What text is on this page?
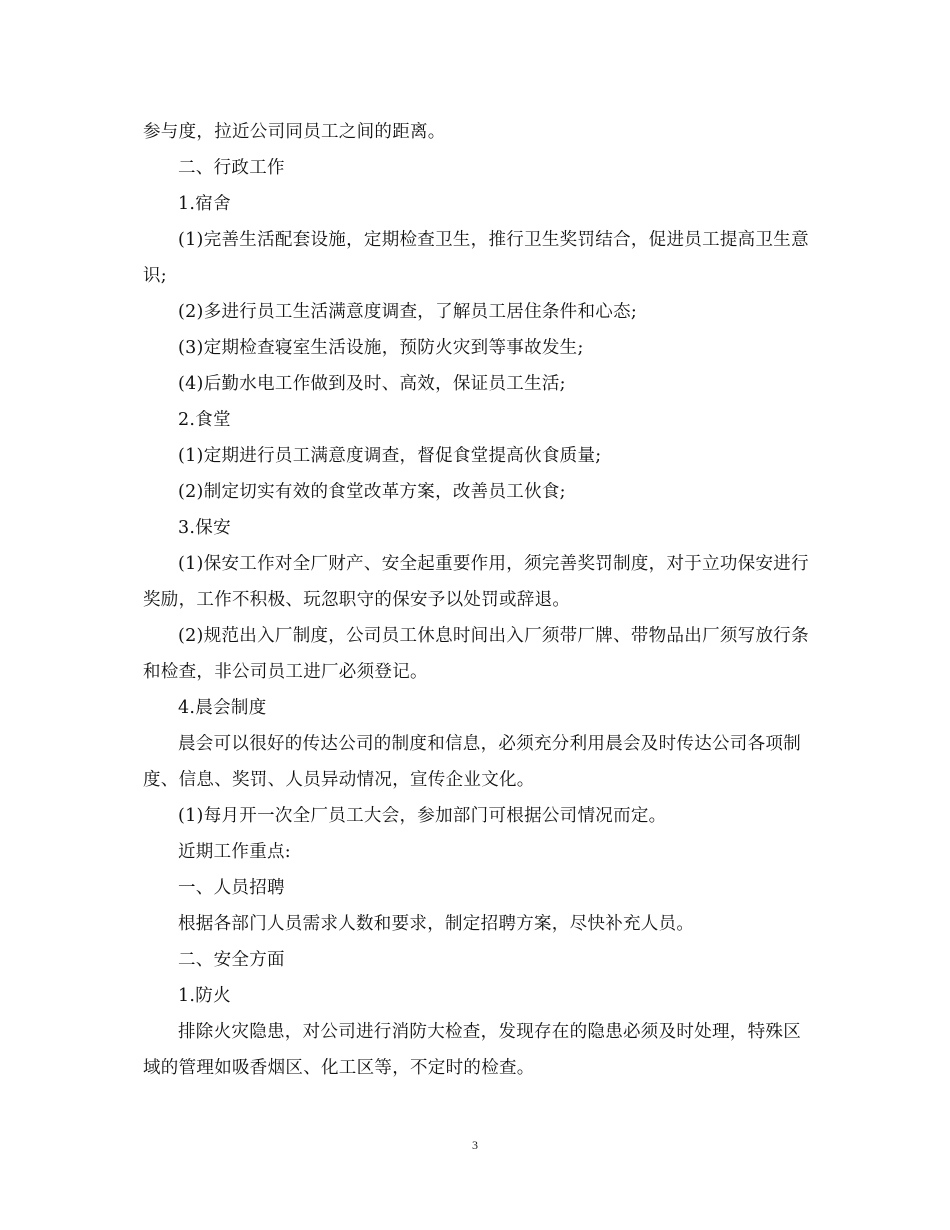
参与度，拉近公司同员工之间的距离。

二、行政工作

1.宿舍

(1)完善生活配套设施，定期检查卫生，推行卫生奖罚结合，促进员工提高卫生意识;

(2)多进行员工生活满意度调查，了解员工居住条件和心态;

(3)定期检查寝室生活设施，预防火灾到等事故发生;

(4)后勤水电工作做到及时、高效，保证员工生活;

2.食堂

(1)定期进行员工满意度调查，督促食堂提高伙食质量;

(2)制定切实有效的食堂改革方案，改善员工伙食;

3.保安

(1)保安工作对全厂财产、安全起重要作用，须完善奖罚制度，对于立功保安进行奖励，工作不积极、玩忽职守的保安予以处罚或辞退。

(2)规范出入厂制度，公司员工休息时间出入厂须带厂牌、带物品出厂须写放行条和检查，非公司员工进厂必须登记。

4.晨会制度

晨会可以很好的传达公司的制度和信息，必须充分利用晨会及时传达公司各项制度、信息、奖罚、人员异动情况，宣传企业文化。

(1)每月开一次全厂员工大会，参加部门可根据公司情况而定。

近期工作重点:

一、人员招聘

根据各部门人员需求人数和要求，制定招聘方案，尽快补充人员。

二、安全方面

1.防火

排除火灾隐患，对公司进行消防大检查，发现存在的隐患必须及时处理，特殊区域的管理如吸香烟区、化工区等，不定时的检查。

3
